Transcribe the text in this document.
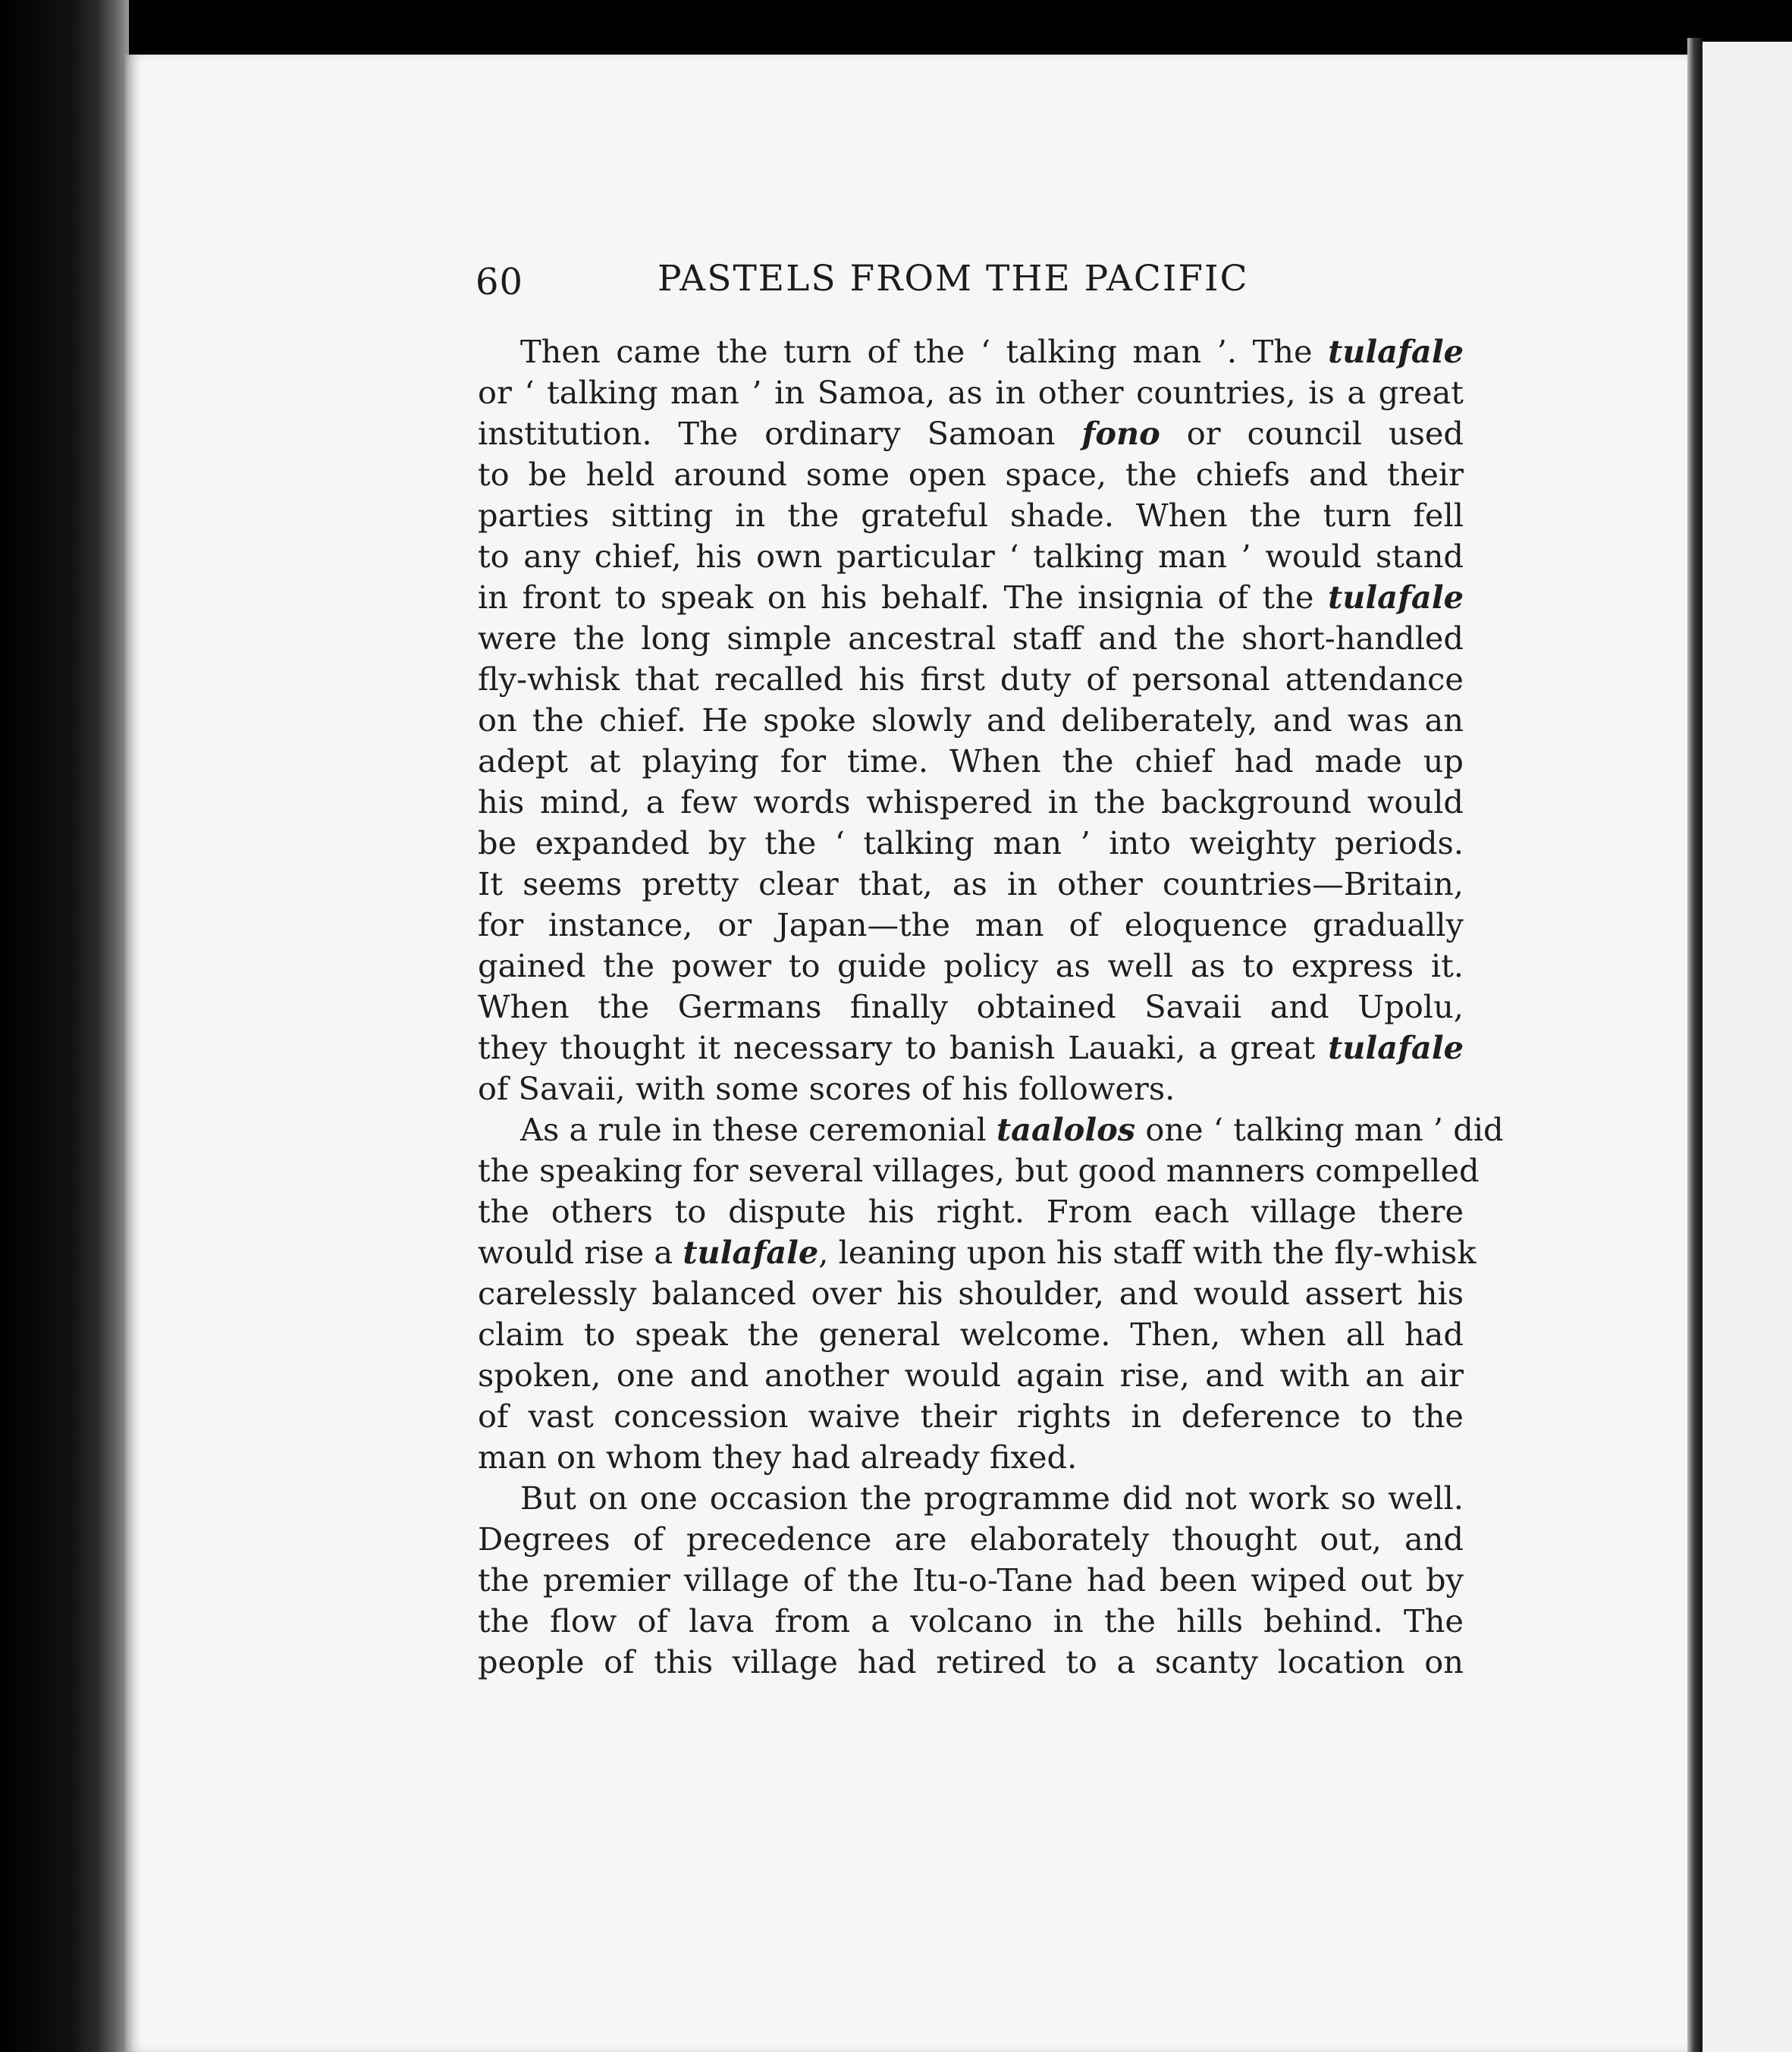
60	PASTELS FROM THE PACIFIC
Then came the turn of the ‘ talking man ’. The tulafale
or ‘ talking man ’ in Samoa, as in other countries, is a great
institution. The ordinary Samoan fono or council used
to be held around some open space, the chiefs and their
parties sitting in the grateful shade. When the turn fell
to any chief, his own particular ‘ talking man ’ would stand
in front to speak on his behalf. The insignia of the tulafale
were the long simple ancestral staff and the short-handled
fly-whisk that recalled his first duty of personal attendance
on the chief. He spoke slowly and deliberately, and was an
adept at playing for time. When the chief had made up
his mind, a few words whispered in the background would
be expanded by the ‘ talking man ’ into weighty periods.
It seems pretty clear that, as in other countries—Britain,
for instance, or Japan—the man of eloquence gradually
gained the power to guide policy as well as to express it.
When the Germans finally obtained Savaii and Upolu,
they thought it necessary to banish Lauaki, a great tulafale
of Savaii, with some scores of his followers.
As a rule in these ceremonial taalolos one ‘ talking man ’ did
the speaking for several villages, but good manners compelled
the others to dispute his right. From each village there
would rise a tulafale, leaning upon his staff with the fly-whisk
carelessly balanced over his shoulder, and would assert his
claim to speak the general welcome. Then, when all had
spoken, one and another would again rise, and with an air
of vast concession waive their rights in deference to the
man on whom they had already fixed.
But on one occasion the programme did not work so well.
Degrees of precedence are elaborately thought out, and
the premier village of the Itu-o-Tane had been wiped out by
the flow of lava from a volcano in the hills behind. The
people of this village had retired to a scanty location on
